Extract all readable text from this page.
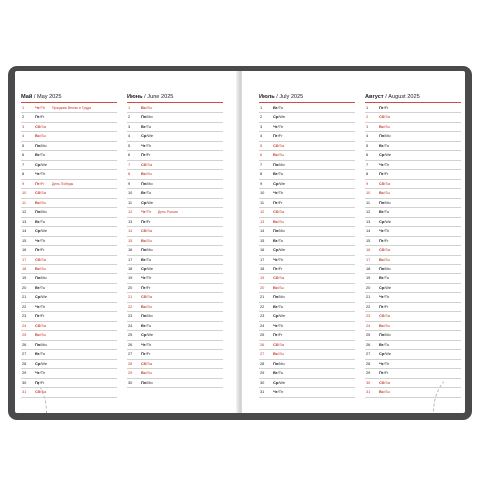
Май / May 2025
1	Чт/Th Праздник Весны и Труда
2	Пт/Fr
3	Сб/Sa
4	Вс/Su
5	Пн/Mo
6	Вт/Tu
7	Ср/We
8	Чт/Th
9	Пт/Fr День Победы
10 Сб/Sa
11 Вс/Su
12 Пн/Mo
13 Вт/Tu
14 Ср/We
15 Чт/Th
16 Пт/Fr
17 Сб/Sa
18 Вс/Su
19 Пн/Mo
20 Вт/Tu
21 Ср/We
22 Чт/Th
23 Пт/Fr
24 Сб/Sa
25 Вс/Su
26 Пн/Mo
27 Вт/Tu
28 Ср/We
29 Чт/Th
30 Пт/Fr
31 Сб/Sa
Июнь / June 2025
1	Вс/Su
2	Пн/Mo
3	Вт/Tu
4	Ср/We
5	Чт/Th
6	Пт/Fr
7	Сб/Sa
8	Вс/Su
9	Пн/Mo
10 Вт/Tu
11 Ср/We
12 Чт/Th День России
13 Пт/Fr
14 Сб/Sa
15 Вс/Su
16 Пн/Mo
17 Вт/Tu
18 Ср/We
19 Чт/Th
20 Пт/Fr
21 Сб/Sa
22 Вс/Su
23 Пн/Mo
24 Вт/Tu
25 Ср/We
26 Чт/Th
27 Пт/Fr
28 Сб/Sa
29 Вс/Su
30 Пн/Mo
Июль / July 2025
1	Вт/Tu
2	Ср/We
3	Чт/Th
4	Пт/Fr
5	Сб/Sa
6	Вс/Su
7	Пн/Mo
8	Вт/Tu
9	Ср/We
10 Чт/Th
11 Пт/Fr
12 Сб/Sa
13 Вс/Su
14 Пн/Mo
15 Вт/Tu
16 Ср/We
17 Чт/Th
18 Пт/Fr
19 Сб/Sa
20 Вс/Su
21 Пн/Mo
22 Вт/Tu
23 Ср/We
24 Чт/Th
25 Пт/Fr
26 Сб/Sa
27 Вс/Su
28 Пн/Mo
29 Вт/Tu
30 Ср/We
31 Чт/Th
Август / August 2025
1	Пт/Fr
2	Сб/Sa
3	Вс/Su
4	Пн/Mo
5	Вт/Tu
6	Ср/We
7	Чт/Th
8	Пт/Fr
9	Сб/Sa
10 Вс/Su
11 Пн/Mo
12 Вт/Tu
13 Ср/We
14 Чт/Th
15 Пт/Fr
16 Сб/Sa
17 Вс/Su
18 Пн/Mo
19 Вт/Tu
20 Ср/We
21 Чт/Th
22 Пт/Fr
23 Сб/Sa
24 Вс/Su
25 Пн/Mo
26 Вт/Tu
27 Ср/We
28 Чт/Th
29 Пт/Fr
30 Сб/Sa
31 Вс/Su
